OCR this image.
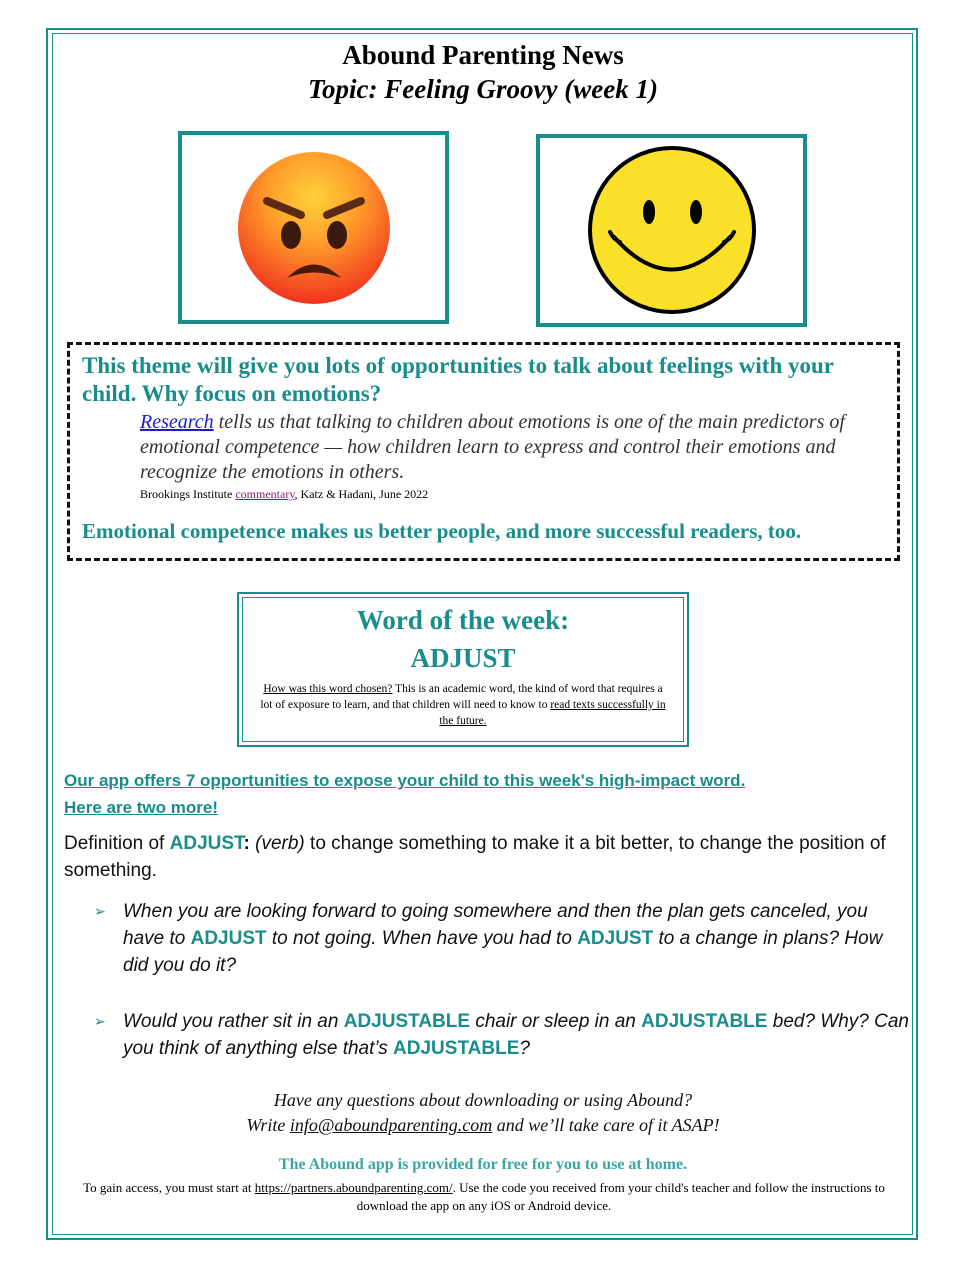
Abound Parenting News
Topic: Feeling Groovy (week 1)
This theme will give you lots of opportunities to talk about feelings with your child. Why focus on emotions?
Research tells us that talking to children about emotions is one of the main predictors of emotional competence — how children learn to express and control their emotions and recognize the emotions in others.
Brookings Institute commentary, Katz & Hadani, June 2022
Emotional competence makes us better people, and more successful readers, too.
Word of the week:
ADJUST
How was this word chosen? This is an academic word, the kind of word that requires a lot of exposure to learn, and that children will need to know to read texts successfully in the future.
Our app offers 7 opportunities to expose your child to this week's high-impact word.
Here are two more!
Definition of ADJUST: (verb) to change something to make it a bit better, to change the position of something.
➢ When you are looking forward to going somewhere and then the plan gets canceled, you have to ADJUST to not going. When have you had to ADJUST to a change in plans? How did you do it?
➢ Would you rather sit in an ADJUSTABLE chair or sleep in an ADJUSTABLE bed? Why? Can you think of anything else that’s ADJUSTABLE?
Have any questions about downloading or using Abound?
Write info@aboundparenting.com and we’ll take care of it ASAP!
The Abound app is provided for free for you to use at home.
To gain access, you must start at https://partners.aboundparenting.com/. Use the code you received from your child's teacher and follow the instructions to download the app on any iOS or Android device.
